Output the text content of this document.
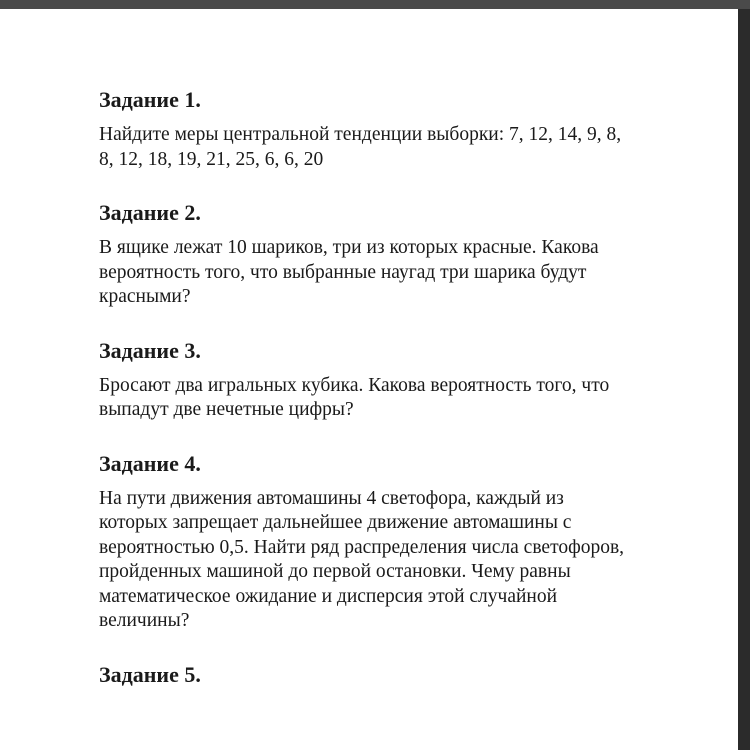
Задание 1.

Найдите меры центральной тенденции выборки: 7, 12, 14, 9, 8,
8, 12, 18, 19, 21, 25, 6, 6, 20

Задание 2.

В ящике лежат 10 шариков, три из которых красные. Какова
вероятность того, что выбранные наугад три шарика будут
красными?

Задание 3.

Бросают два игральных кубика. Какова вероятность того, что
выпадут две нечетные цифры?

Задание 4.

На пути движения автомашины 4 светофора, каждый из
которых запрещает дальнейшее движение автомашины с
вероятностью 0,5. Найти ряд распределения числа светофоров,
пройденных машиной до первой остановки. Чему равны
математическое ожидание и дисперсия этой случайной
величины?

Задание 5.
